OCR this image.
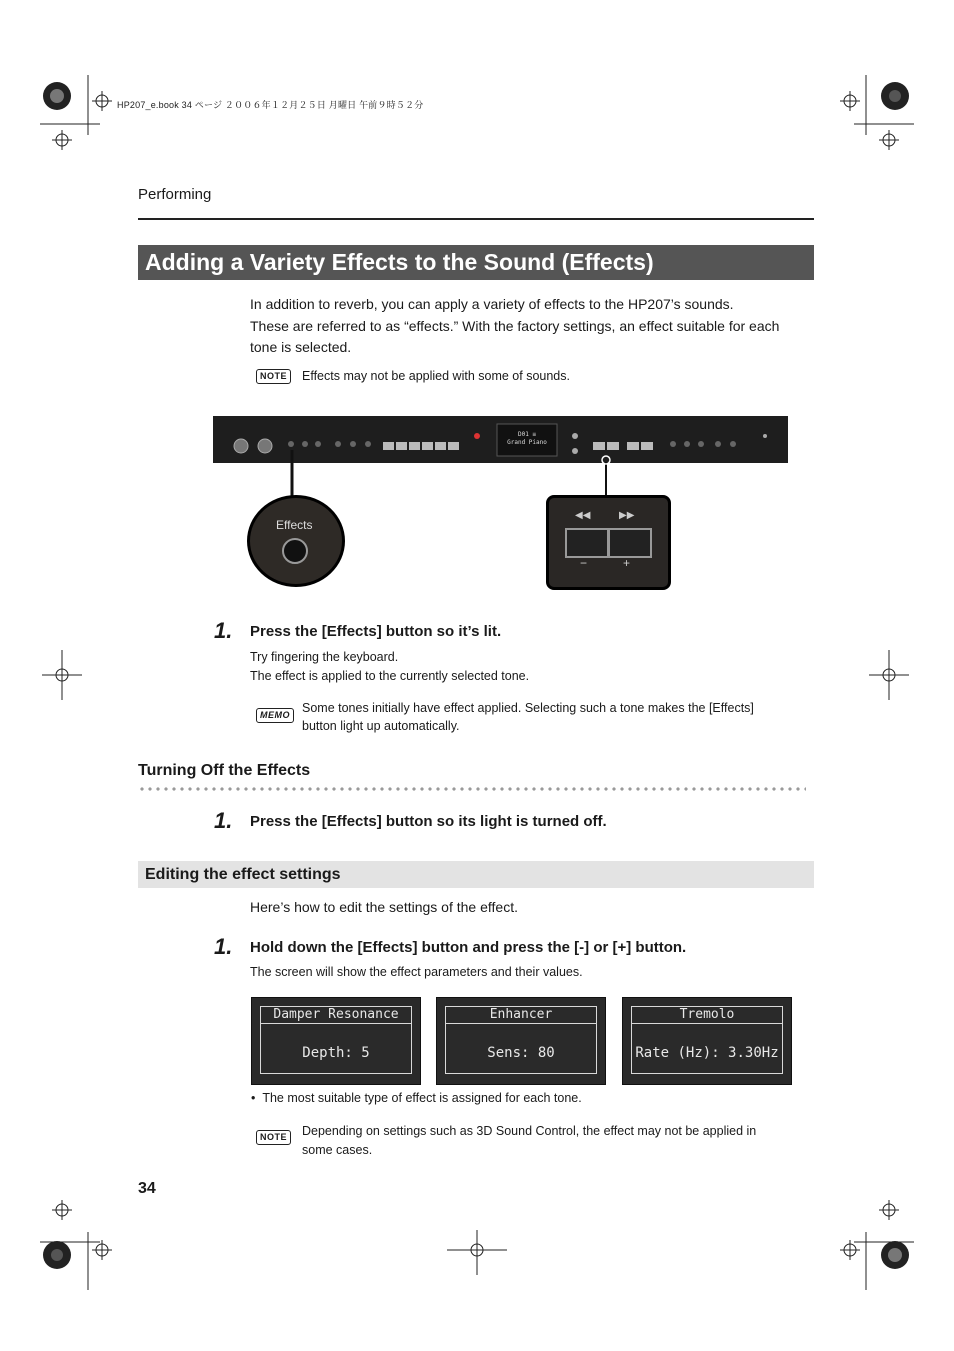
HP207_e.book 34 ページ ２００６年１２月２５日 月曜日 午前９時５２分
Performing
Adding a Variety Effects to the Sound (Effects)
In addition to reverb, you can apply a variety of effects to the HP207’s sounds.
These are referred to as “effects.” With the factory settings, an effect suitable for each
tone is selected.
NOTE	Effects may not be applied with some of sounds.
D01 ≡
Grand Piano
Effects
◀◀	▶▶
−	+
1. Press the [Effects] button so it’s lit.
Try fingering the keyboard.
The effect is applied to the currently selected tone.
MEMO Some tones initially have effect applied. Selecting such a tone makes the [Effects]
button light up automatically.
Turning Off the Effects
1. Press the [Effects] button so its light is turned off.
Editing the effect settings
Here’s how to edit the settings of the effect.
1. Hold down the [Effects] button and press the [-] or [+] button.
The screen will show the effect parameters and their values.
Damper Resonance
Depth: 5
Enhancer
Sens: 80
Tremolo
Rate (Hz): 3.30Hz
•  The most suitable type of effect is assigned for each tone.
NOTE	Depending on settings such as 3D Sound Control, the effect may not be applied in
some cases.
34
